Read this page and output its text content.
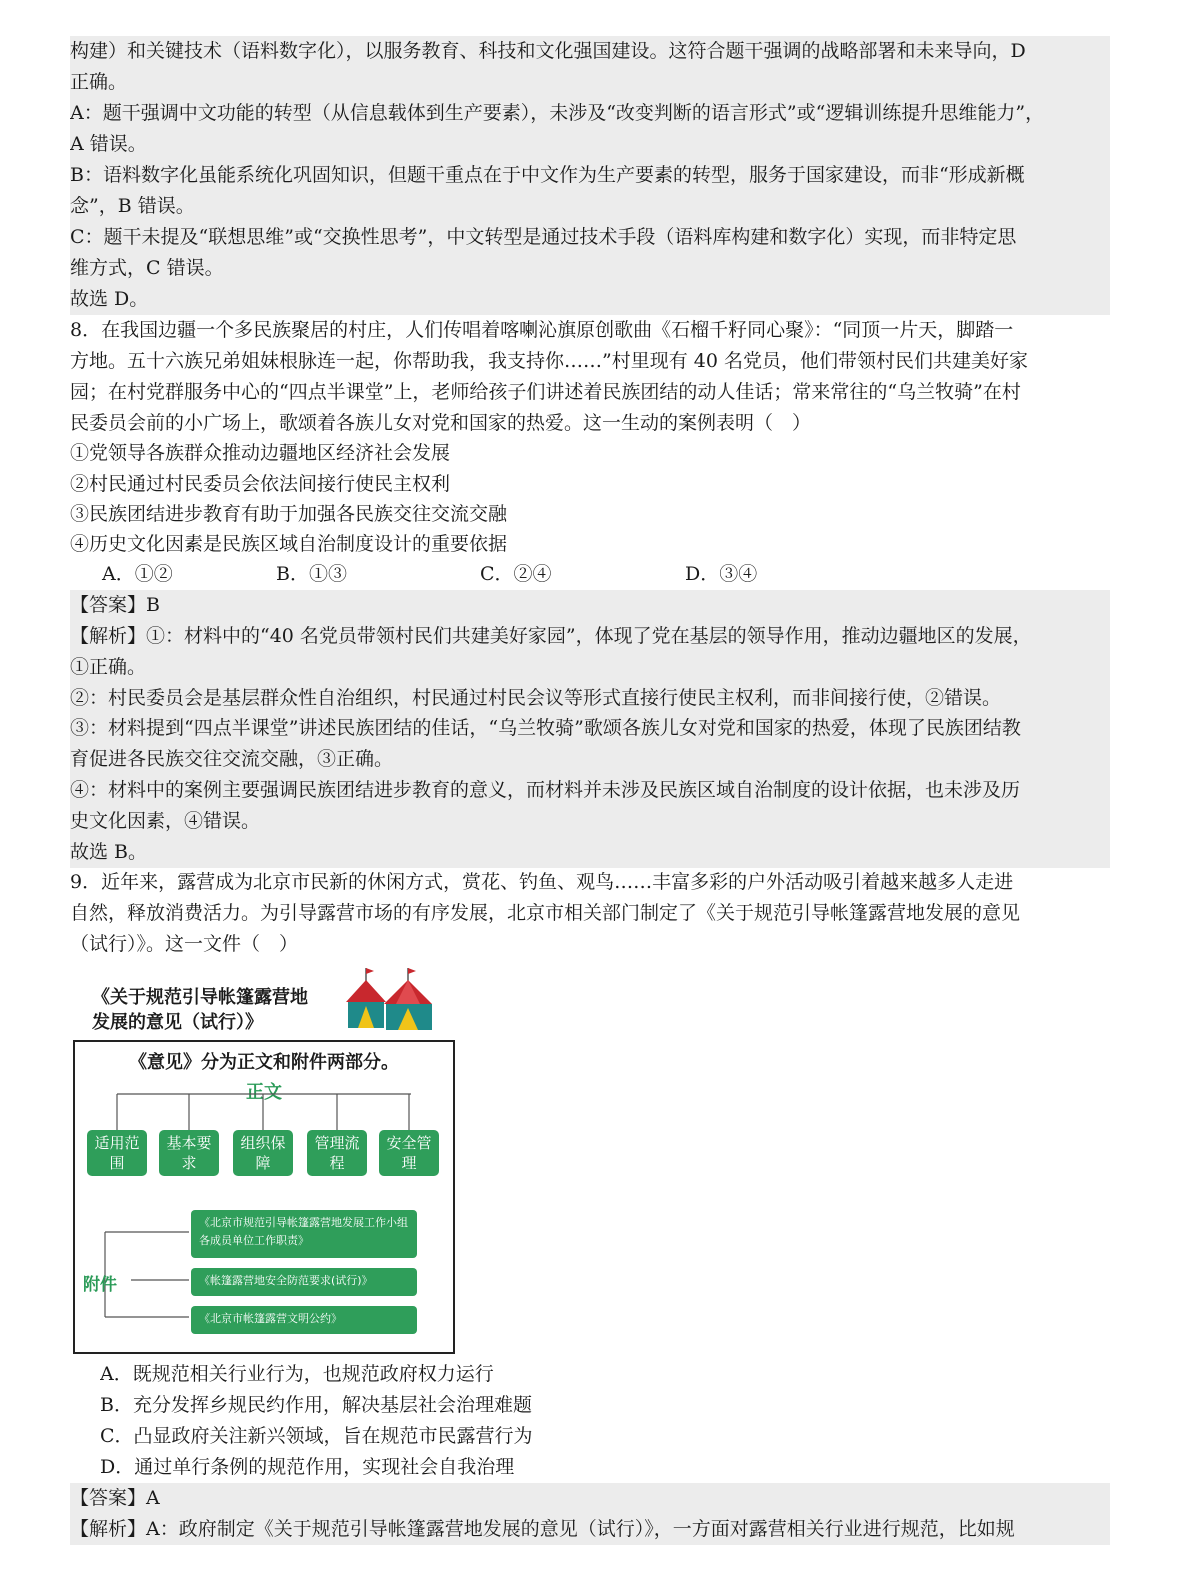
构建）和关键技术（语料数字化），以服务教育、科技和文化强国建设。这符合题干强调的战略部署和未来导向，D
正确。
A：题干强调中文功能的转型（从信息载体到生产要素），未涉及“改变判断的语言形式”或“逻辑训练提升思维能力”，
A 错误。
B：语料数字化虽能系统化巩固知识，但题干重点在于中文作为生产要素的转型，服务于国家建设，而非“形成新概
念”，B 错误。
C：题干未提及“联想思维”或“交换性思考”，中文转型是通过技术手段（语料库构建和数字化）实现，而非特定思
维方式，C 错误。
故选 D。
8．在我国边疆一个多民族聚居的村庄，人们传唱着喀喇沁旗原创歌曲《石榴千籽同心聚》：“同顶一片天，脚踏一
方地。五十六族兄弟姐妹根脉连一起，你帮助我，我支持你……”村里现有 40 名党员，他们带领村民们共建美好家
园；在村党群服务中心的“四点半课堂”上，老师给孩子们讲述着民族团结的动人佳话；常来常往的“乌兰牧骑”在村
民委员会前的小广场上，歌颂着各族儿女对党和国家的热爱。这一生动的案例表明（　）
①党领导各族群众推动边疆地区经济社会发展
②村民通过村民委员会依法间接行使民主权利
③民族团结进步教育有助于加强各民族交往交流交融
④历史文化因素是民族区域自治制度设计的重要依据
A．①②	B．①③	C．②④	D．③④
【答案】B
【解析】①：材料中的“40 名党员带领村民们共建美好家园”，体现了党在基层的领导作用，推动边疆地区的发展，
①正确。
②：村民委员会是基层群众性自治组织，村民通过村民会议等形式直接行使民主权利，而非间接行使，②错误。
③：材料提到“四点半课堂”讲述民族团结的佳话，“乌兰牧骑”歌颂各族儿女对党和国家的热爱，体现了民族团结教
育促进各民族交往交流交融，③正确。
④：材料中的案例主要强调民族团结进步教育的意义，而材料并未涉及民族区域自治制度的设计依据，也未涉及历
史文化因素，④错误。
故选 B。
9．近年来，露营成为北京市民新的休闲方式，赏花、钓鱼、观鸟……丰富多彩的户外活动吸引着越来越多人走进
自然，释放消费活力。为引导露营市场的有序发展，北京市相关部门制定了《关于规范引导帐篷露营地发展的意见
（试行）》。这一文件（　）
《关于规范引导帐篷露营地
发展的意见（试行）》
《意见》分为正文和附件两部分。
正文
适用范围
基本要求
组织保障
管理流程
安全管理
附件
《北京市规范引导帐篷露营地发展工作小组各成员单位工作职责》
《帐篷露营地安全防范要求(试行)》
《北京市帐篷露营文明公约》
A．既规范相关行业行为，也规范政府权力运行
B．充分发挥乡规民约作用，解决基层社会治理难题
C．凸显政府关注新兴领域，旨在规范市民露营行为
D．通过单行条例的规范作用，实现社会自我治理
【答案】A
【解析】A：政府制定《关于规范引导帐篷露营地发展的意见（试行）》，一方面对露营相关行业进行规范，比如规
